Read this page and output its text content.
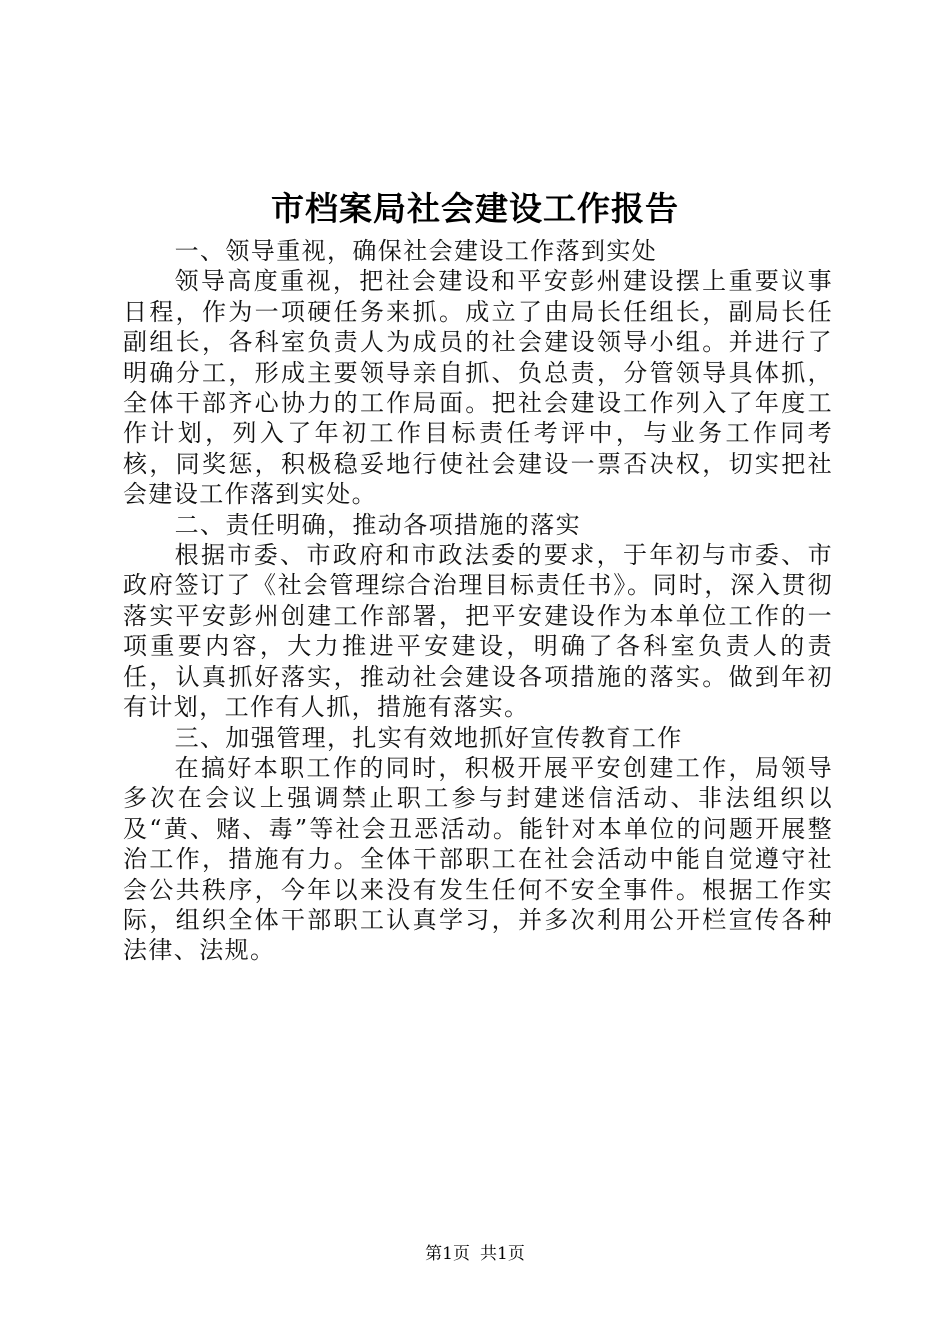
市档案局社会建设工作报告

一、领导重视，确保社会建设工作落到实处

领导高度重视，把社会建设和平安彭州建设摆上重要议事日程，作为一项硬任务来抓。成立了由局长任组长，副局长任副组长，各科室负责人为成员的社会建设领导小组。并进行了明确分工，形成主要领导亲自抓、负总责，分管领导具体抓，全体干部齐心协力的工作局面。把社会建设工作列入了年度工作计划，列入了年初工作目标责任考评中，与业务工作同考核，同奖惩，积极稳妥地行使社会建设一票否决权，切实把社会建设工作落到实处。

二、责任明确，推动各项措施的落实

根据市委、市政府和市政法委的要求，于年初与市委、市政府签订了《社会管理综合治理目标责任书》。同时，深入贯彻落实平安彭州创建工作部署，把平安建设作为本单位工作的一项重要内容，大力推进平安建设，明确了各科室负责人的责任，认真抓好落实，推动社会建设各项措施的落实。做到年初有计划，工作有人抓，措施有落实。

三、加强管理，扎实有效地抓好宣传教育工作

在搞好本职工作的同时，积极开展平安创建工作，局领导多次在会议上强调禁止职工参与封建迷信活动、非法组织以及“黄、赌、毒”等社会丑恶活动。能针对本单位的问题开展整治工作，措施有力。全体干部职工在社会活动中能自觉遵守社会公共秩序，今年以来没有发生任何不安全事件。根据工作实际，组织全体干部职工认真学习，并多次利用公开栏宣传各种法律、法规。

第1页 共1页
